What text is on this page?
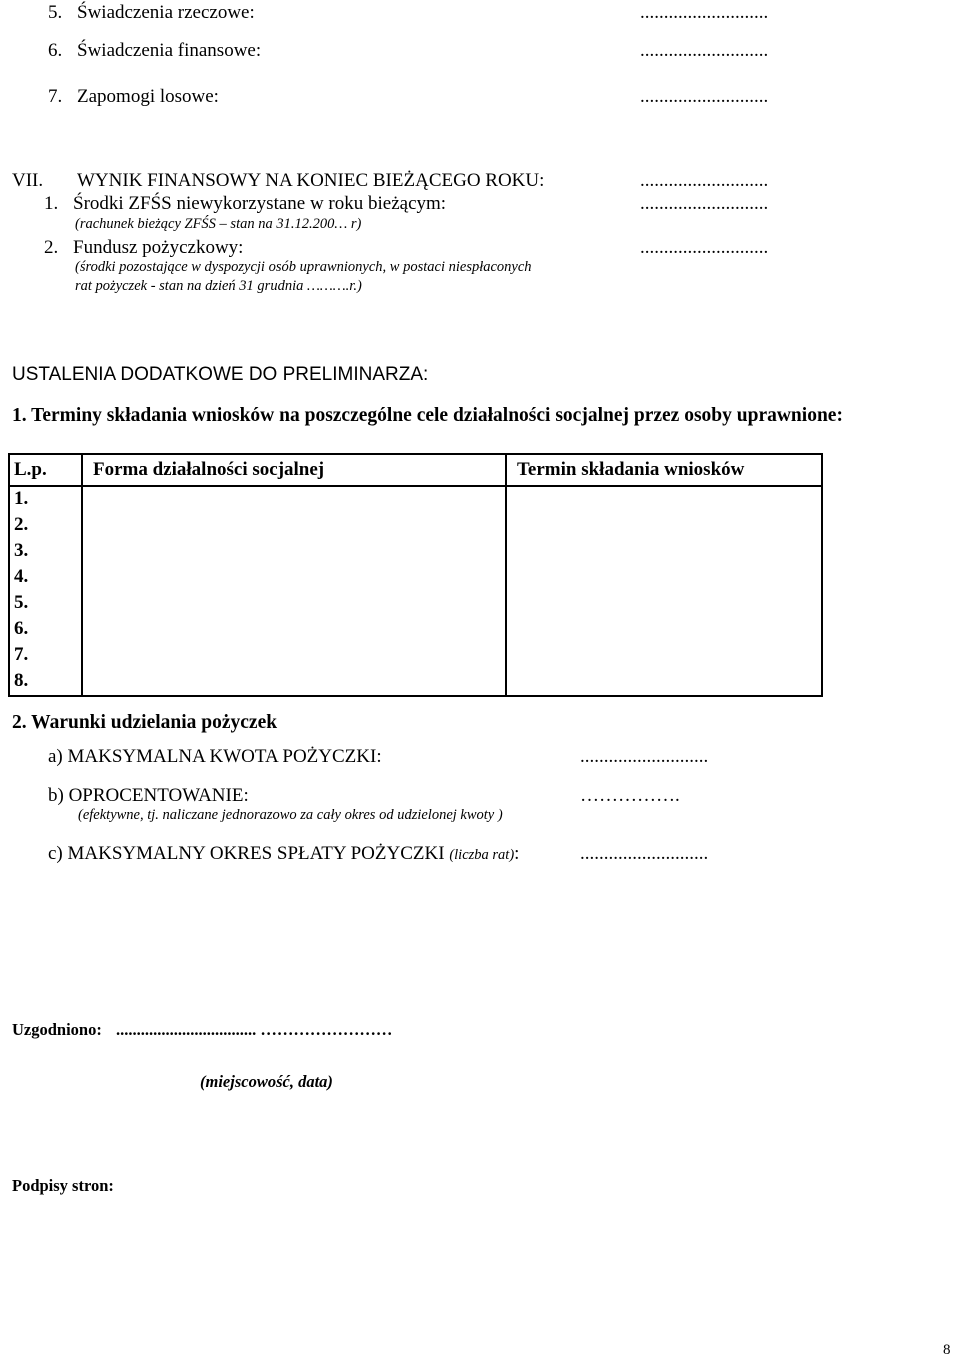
5. Świadczenia rzeczowe:	...........................
6. Świadczenia finansowe:	...........................
7. Zapomogi losowe:	...........................
VII. WYNIK FINANSOWY NA KONIEC BIEŻĄCEGO ROKU:	...........................
1. Środki ZFŚS niewykorzystane w roku bieżącym:	...........................
(rachunek bieżący ZFŚS – stan na 31.12.200… r)
2. Fundusz pożyczkowy:	...........................
(środki pozostające w dyspozycji osób uprawnionych, w postaci niespłaconych
rat pożyczek - stan na dzień 31 grudnia ……….r.)
USTALENIA DODATKOWE DO PRELIMINARZA:
1. Terminy składania wniosków na poszczególne cele działalności socjalnej przez osoby uprawnione:
L.p.	Forma działalności socjalnej	Termin składania wniosków
1.		
2.		
3.		
4.		
5.		
6.		
7.		
8.		
2. Warunki udzielania pożyczek
a) MAKSYMALNA KWOTA POŻYCZKI:	...........................
b) OPROCENTOWANIE:	…………….
(efektywne, tj. naliczane jednorazowo za cały okres od udzielonej kwoty )
c) MAKSYMALNY OKRES SPŁATY POŻYCZKI (liczba rat):	...........................
Uzgodniono: .................................. ……………………
(miejscowość, data)
Podpisy stron:
8
